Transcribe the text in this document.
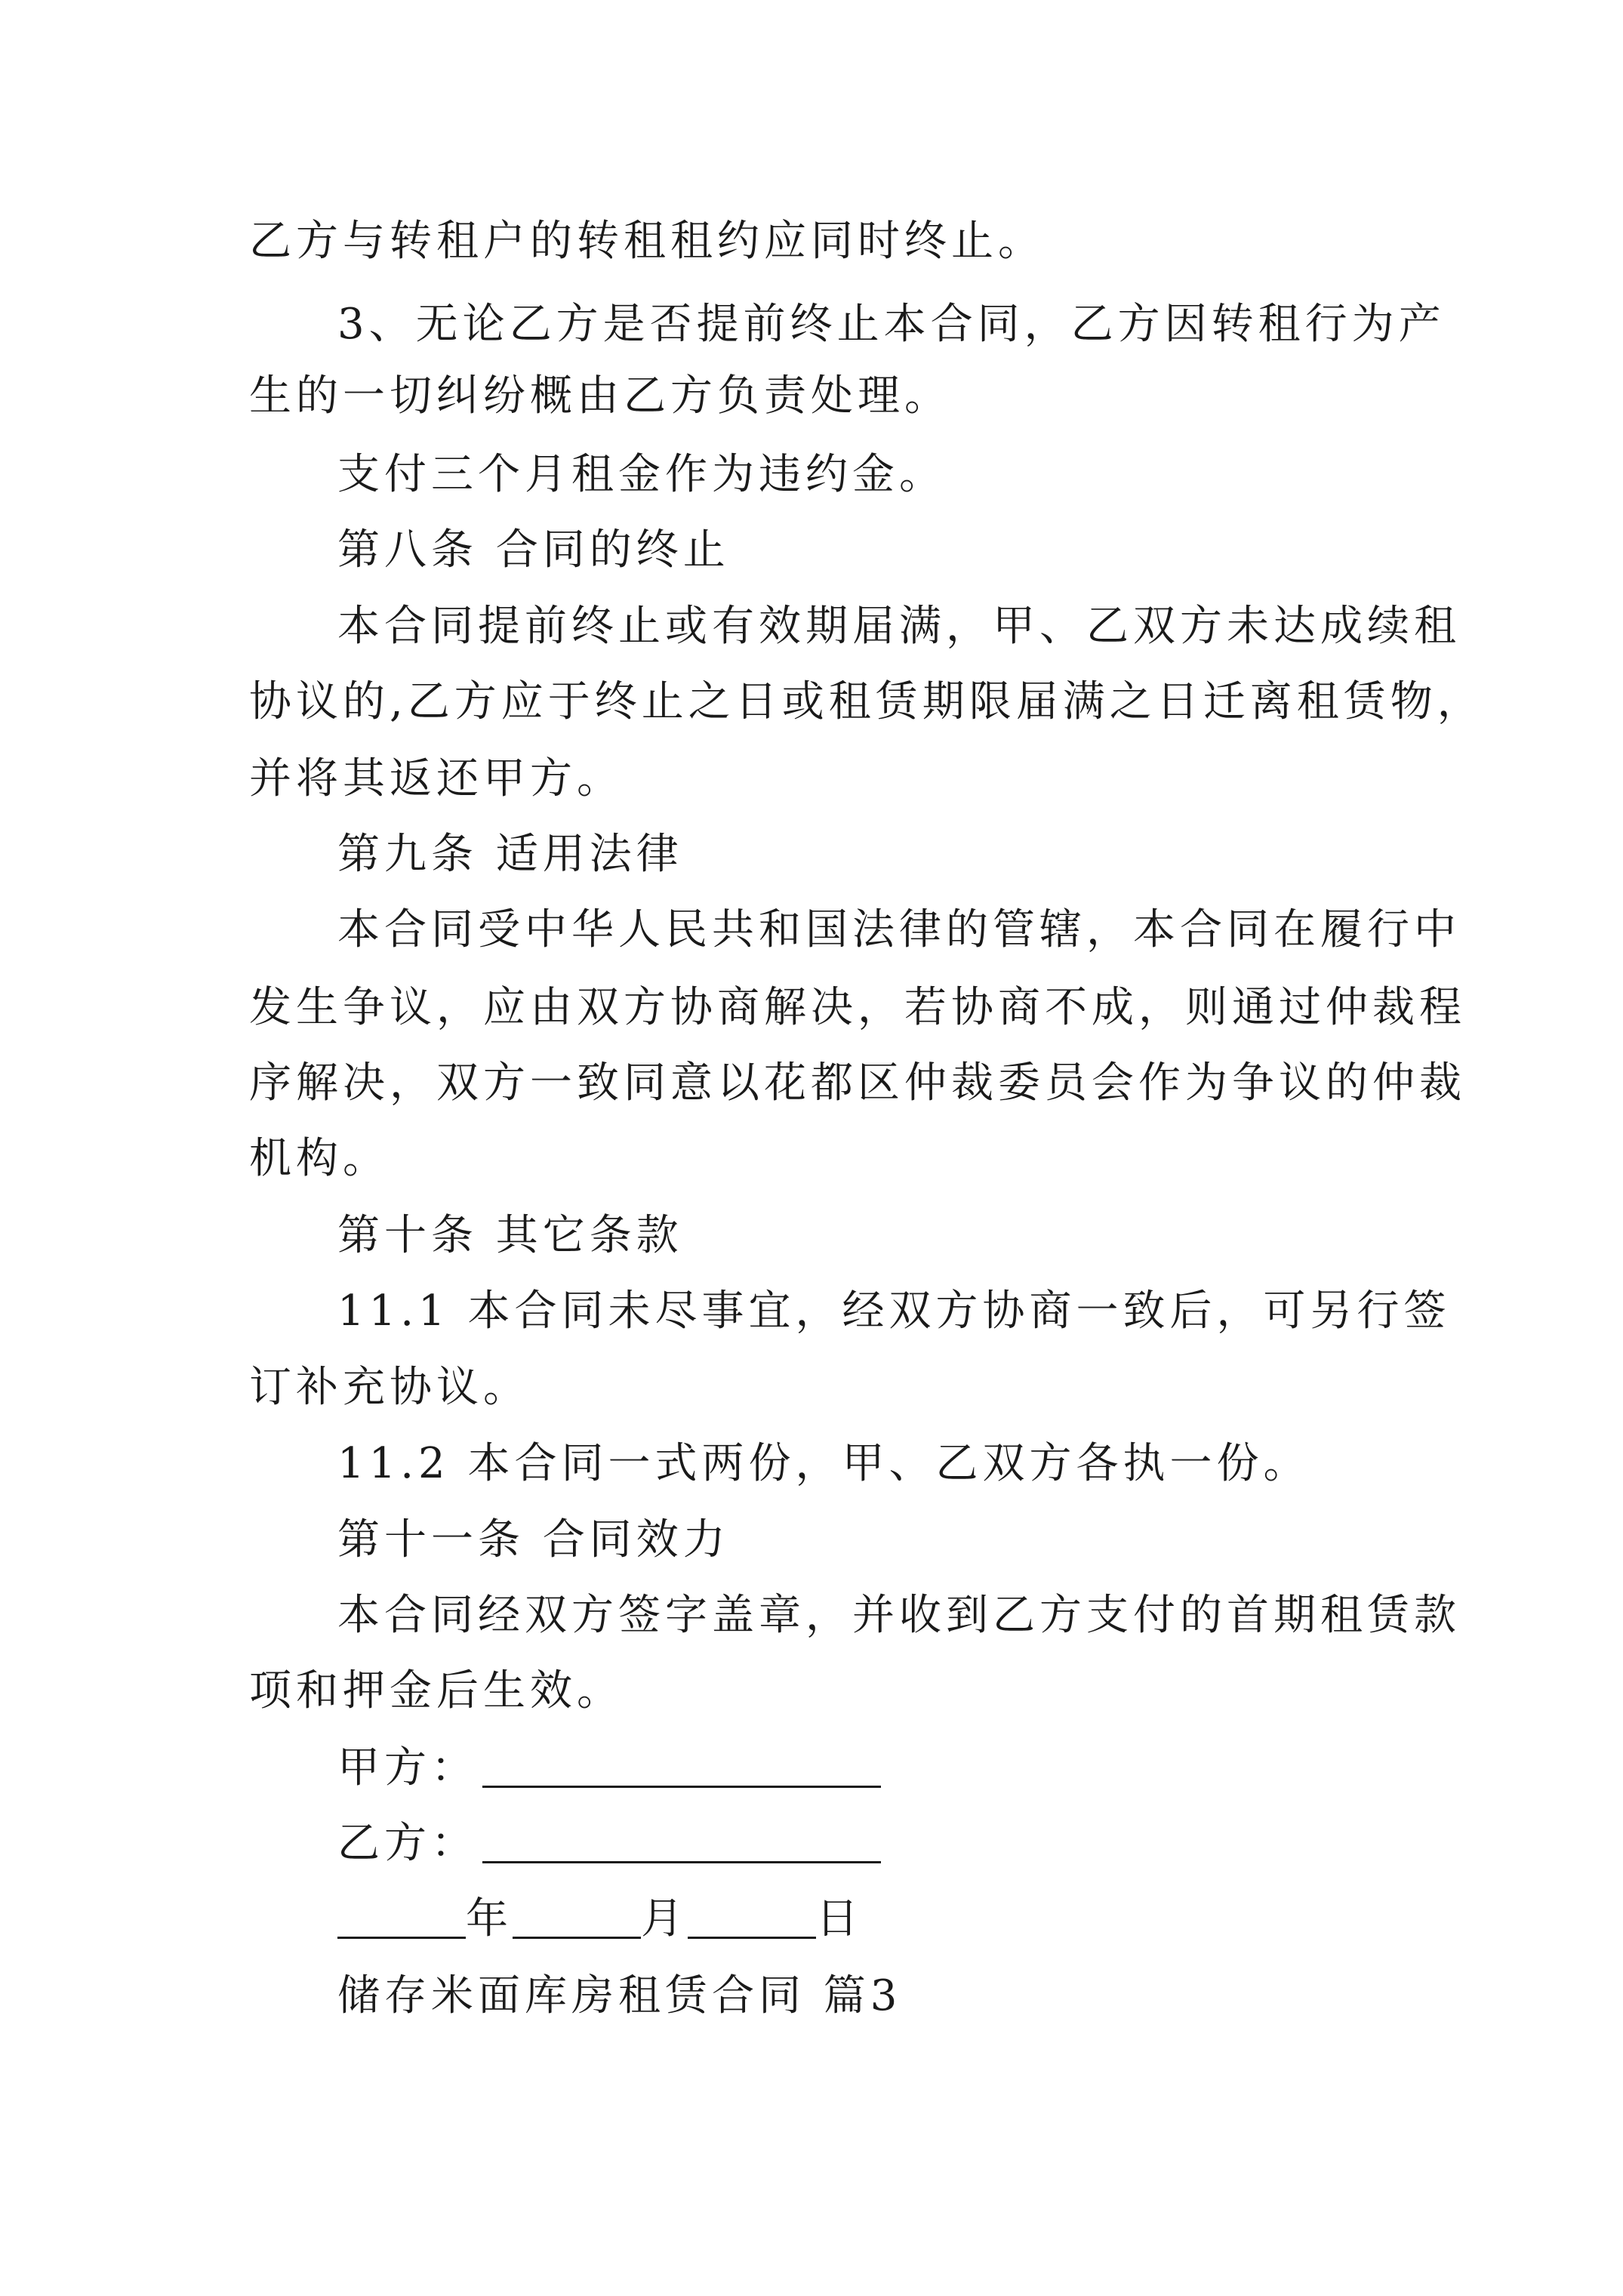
乙方与转租户的转租租约应同时终止。
3、无论乙方是否提前终止本合同，乙方因转租行为产
生的一切纠纷概由乙方负责处理。
支付三个月租金作为违约金。
第八条 合同的终止
本合同提前终止或有效期届满，甲、乙双方未达成续租
协议的,乙方应于终止之日或租赁期限届满之日迁离租赁物，
并将其返还甲方。
第九条 适用法律
本合同受中华人民共和国法律的管辖，本合同在履行中
发生争议，应由双方协商解决，若协商不成，则通过仲裁程
序解决，双方一致同意以花都区仲裁委员会作为争议的仲裁
机构。
第十条 其它条款
11.1 本合同未尽事宜，经双方协商一致后，可另行签
订补充协议。
11.2 本合同一式两份，甲、乙双方各执一份。
第十一条 合同效力
本合同经双方签字盖章，并收到乙方支付的首期租赁款
项和押金后生效。
甲方：
乙方：
年	月	日
储存米面库房租赁合同 篇3
